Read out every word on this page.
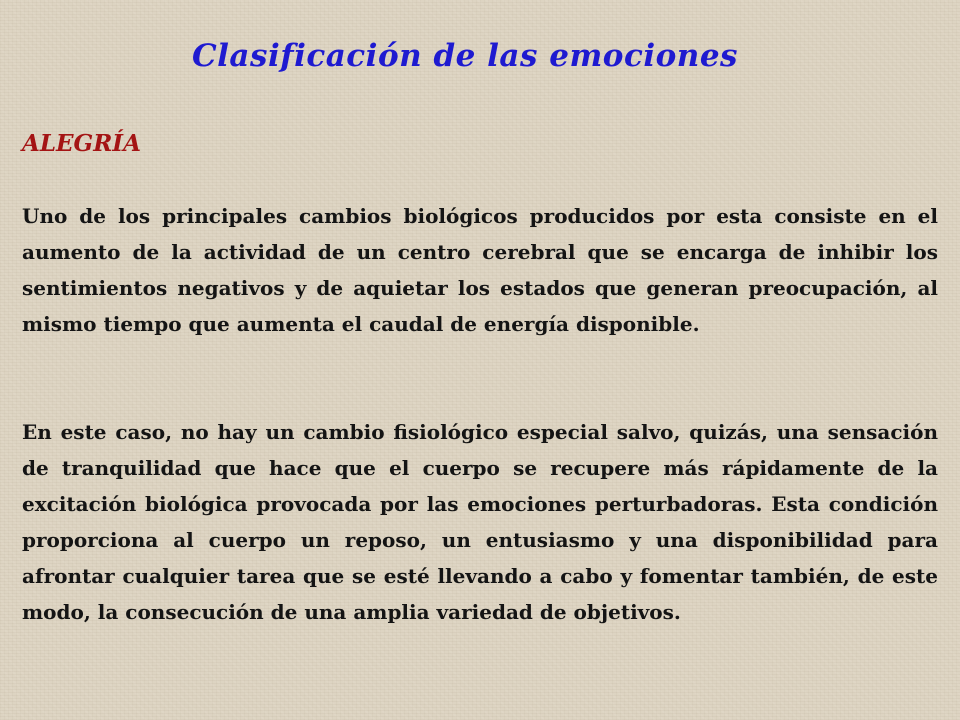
Clasificación de las emociones
ALEGRÍA

Uno de los principales cambios biológicos producidos por esta consiste en el aumento de la actividad de un centro cerebral que se encarga de inhibir los sentimientos negativos y de aquietar los estados que generan preocupación, al mismo tiempo que aumenta el caudal de energía disponible.

En este caso, no hay un cambio fisiológico especial salvo, quizás, una sensación de tranquilidad que hace que el cuerpo se recupere más rápidamente de la excitación biológica provocada por las emociones perturbadoras. Esta condición proporciona al cuerpo un reposo, un entusiasmo y una disponibilidad para afrontar cualquier tarea que se esté llevando a cabo y fomentar también, de este modo, la consecución de una amplia variedad de objetivos.
